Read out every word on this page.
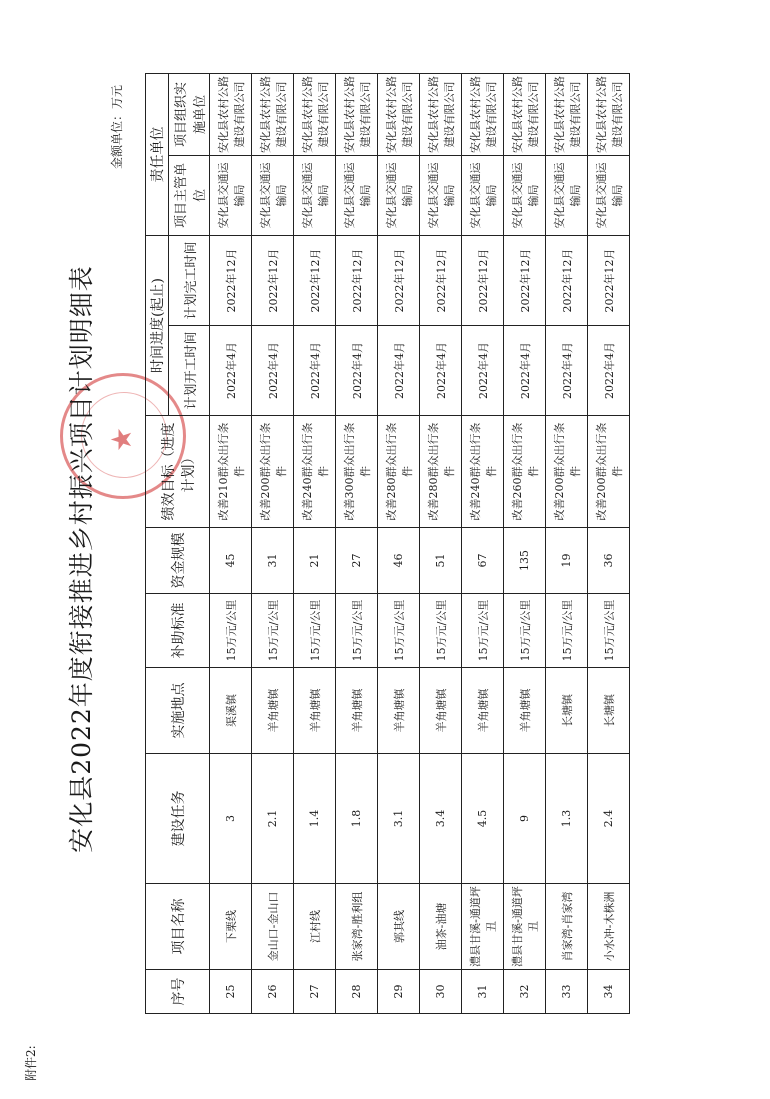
附件2:
★
安化县2022年度衔接推进乡村振兴项目计划明细表
金额单位：万元
序号	项目名称	建设任务	实施地点	补助标准	资金规模	绩效目标（进度计划）	时间进度(起止)		责任单位	
							计划开工时间	计划完工时间	项目主管单位	项目组织实施单位
25	下栗线	3	渠溪镇	15万元/公里	45	改善210群众出行条件	2022年4月	2022年12月	安化县交通运输局	安化县农村公路建设有限公司
26	金山口-金山口	2.1	羊角塘镇	15万元/公里	31	改善200群众出行条件	2022年4月	2022年12月	安化县交通运输局	安化县农村公路建设有限公司
27	江村线	1.4	羊角塘镇	15万元/公里	21	改善240群众出行条件	2022年4月	2022年12月	安化县交通运输局	安化县农村公路建设有限公司
28	张家湾-胜利组	1.8	羊角塘镇	15万元/公里	27	改善300群众出行条件	2022年4月	2022年12月	安化县交通运输局	安化县农村公路建设有限公司
29	郭其线	3.1	羊角塘镇	15万元/公里	46	改善280群众出行条件	2022年4月	2022年12月	安化县交通运输局	安化县农村公路建设有限公司
30	油茶-油塘	3.4	羊角塘镇	15万元/公里	51	改善280群众出行条件	2022年4月	2022年12月	安化县交通运输局	安化县农村公路建设有限公司
31	澧县甘溪-通道坪丑	4.5	羊角塘镇	15万元/公里	67	改善240群众出行条件	2022年4月	2022年12月	安化县交通运输局	安化县农村公路建设有限公司
32	澧县甘溪-通道坪丑	9	羊角塘镇	15万元/公里	135	改善260群众出行条件	2022年4月	2022年12月	安化县交通运输局	安化县农村公路建设有限公司
33	肖家湾-肖家湾	1.3	长塘镇	15万元/公里	19	改善200群众出行条件	2022年4月	2022年12月	安化县交通运输局	安化县农村公路建设有限公司
34	小水冲-木株洲	2.4	长塘镇	15万元/公里	36	改善200群众出行条件	2022年4月	2022年12月	安化县交通运输局	安化县农村公路建设有限公司
